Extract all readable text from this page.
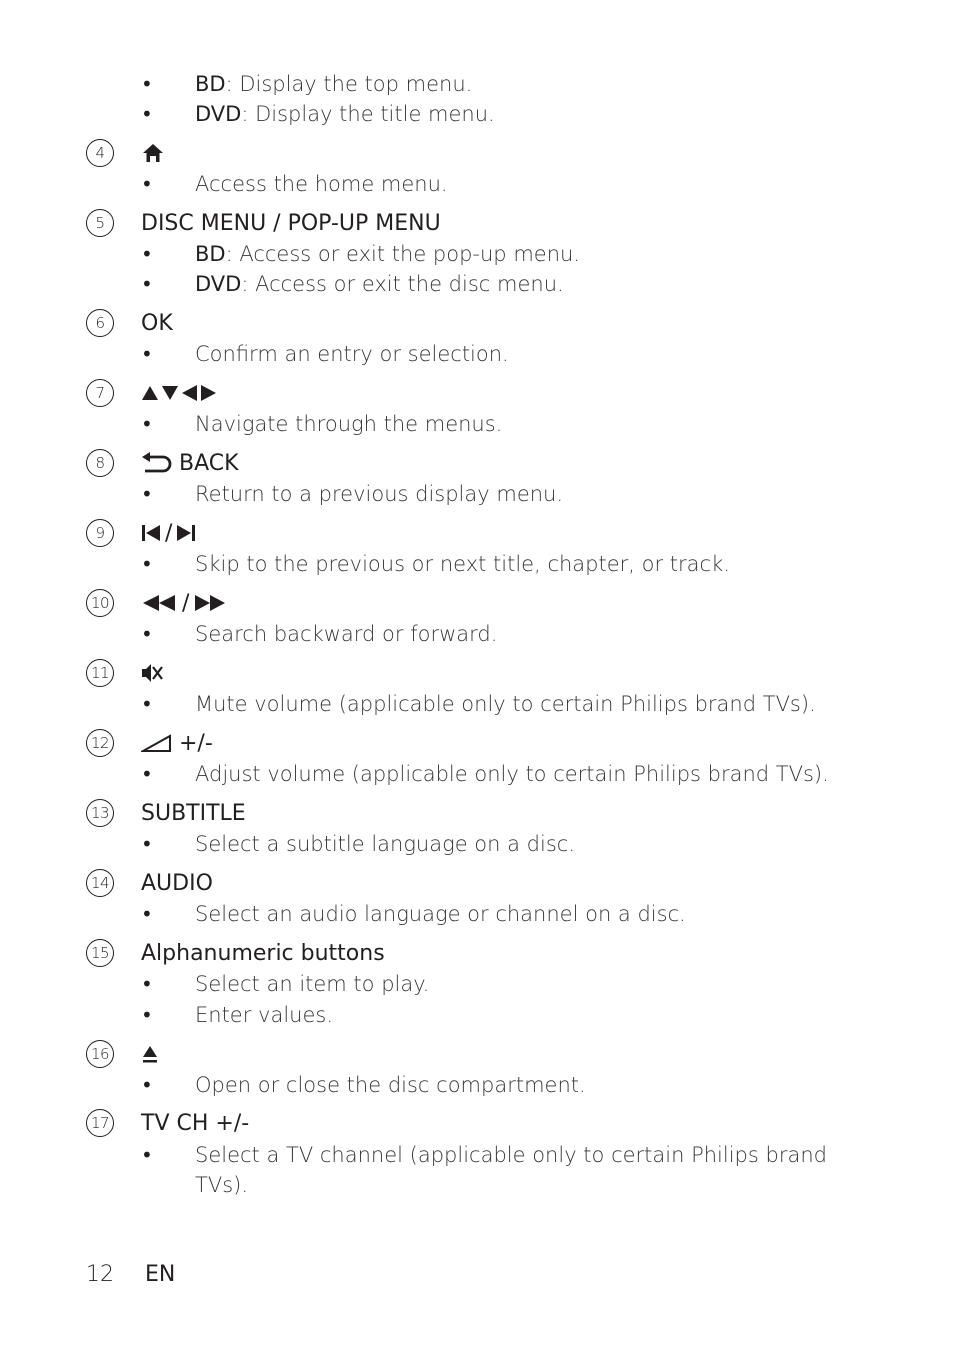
• BD: Display the top menu.
• DVD: Display the title menu.
4
• Access the home menu.
5	DISC MENU / POP-UP MENU
• BD: Access or exit the pop-up menu.
• DVD: Access or exit the disc menu.
6	OK
• Confirm an entry or selection.
7
• Navigate through the menus.
8	BACK
• Return to a previous display menu.
9	/
• Skip to the previous or next title, chapter, or track.
10	/
• Search backward or forward.
11
• Mute volume (applicable only to certain Philips brand TVs).
12	+/-
• Adjust volume (applicable only to certain Philips brand TVs).
13 SUBTITLE
• Select a subtitle language on a disc.
14 AUDIO
• Select an audio language or channel on a disc.
15 Alphanumeric buttons
• Select an item to play.
• Enter values.
16
• Open or close the disc compartment.
17 TV CH +/-
• Select a TV channel (applicable only to certain Philips brand
TVs).
12 EN
